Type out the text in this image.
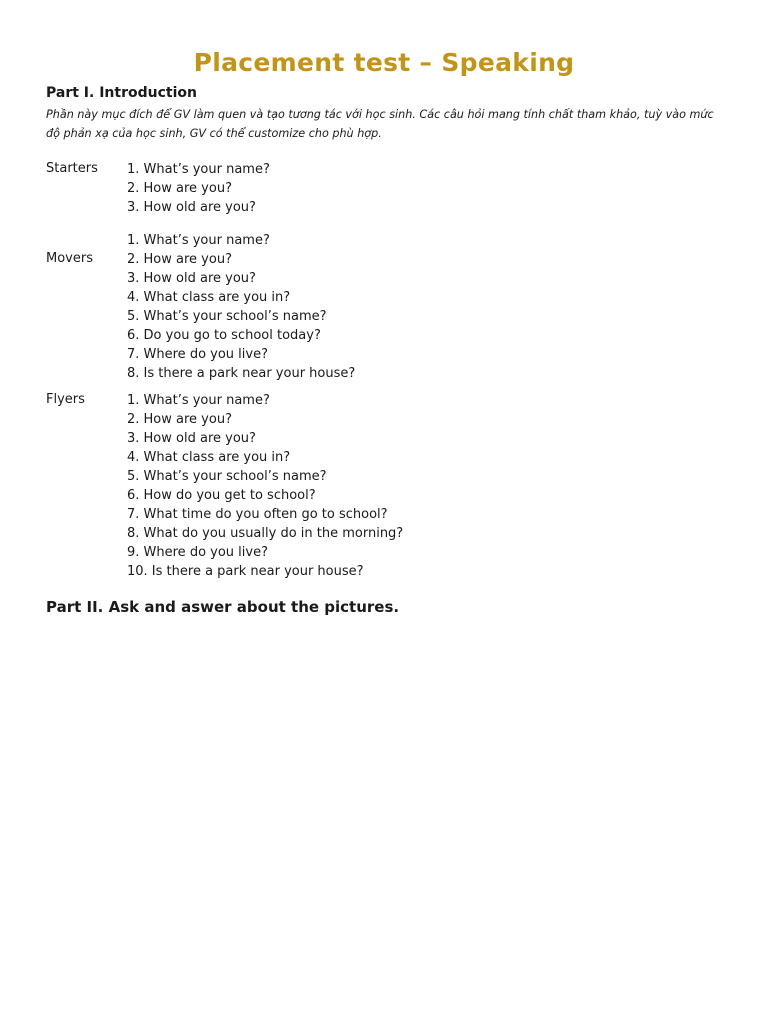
Placement test – Speaking
Part I. Introduction
Phần này mục đích để GV làm quen và tạo tương tác với học sinh. Các câu hỏi mang tính chất tham khảo, tuỳ vào mức độ phản xạ của học sinh, GV có thể customize cho phù hợp.
Starters 1. What’s your name?
2. How are you?
3. How old are you?
Movers
1. What’s your name?
2. How are you?
3. How old are you?
4. What class are you in?
5. What’s your school’s name?
6. Do you go to school today?
7. Where do you live?
8. Is there a park near your house?
Flyers	1. What’s your name?
2. How are you?
3. How old are you?
4. What class are you in?
5. What’s your school’s name?
6. How do you get to school?
7. What time do you often go to school?
8. What do you usually do in the morning?
9. Where do you live?
10. Is there a park near your house?
Part II. Ask and aswer about the pictures.
